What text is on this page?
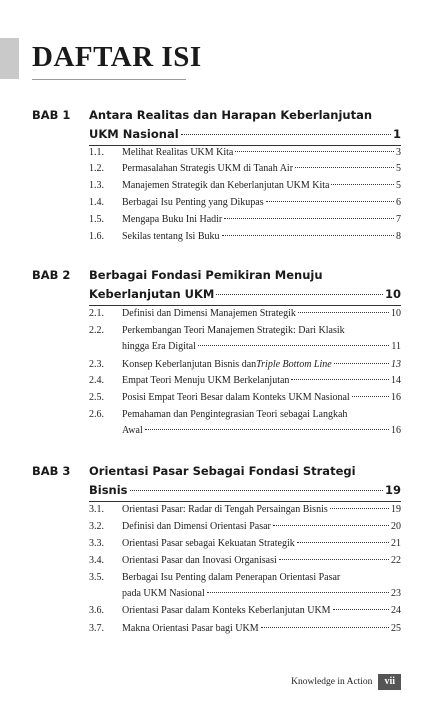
DAFTAR ISI
BAB 1 Antara Realitas dan Harapan Keberlanjutan
UKM Nasional	1
1.1. Melihat Realitas UKM Kita	3
1.2. Permasalahan Strategis UKM di Tanah Air	5
1.3. Manajemen Strategik dan Keberlanjutan UKM Kita	5
1.4. Berbagai Isu Penting yang Dikupas	6
1.5. Mengapa Buku Ini Hadir	7
1.6. Sekilas tentang Isi Buku	8
BAB 2 Berbagai Fondasi Pemikiran Menuju
Keberlanjutan UKM	10
2.1. Definisi dan Dimensi Manajemen Strategik	10
2.2. Perkembangan Teori Manajemen Strategik: Dari Klasik
hingga Era Digital	11
2.3. Konsep Keberlanjutan Bisnis dan Triple Bottom Line	13
2.4. Empat Teori Menuju UKM Berkelanjutan	14
2.5. Posisi Empat Teori Besar dalam Konteks UKM Nasional	16
2.6. Pemahaman dan Pengintegrasian Teori sebagai Langkah
Awal	16
BAB 3 Orientasi Pasar Sebagai Fondasi Strategi
Bisnis	19
3.1. Orientasi Pasar: Radar di Tengah Persaingan Bisnis	19
3.2. Definisi dan Dimensi Orientasi Pasar	20
3.3. Orientasi Pasar sebagai Kekuatan Strategik	21
3.4. Orientasi Pasar dan Inovasi Organisasi	22
3.5. Berbagai Isu Penting dalam Penerapan Orientasi Pasar
pada UKM Nasional	23
3.6. Orientasi Pasar dalam Konteks Keberlanjutan UKM	24
3.7. Makna Orientasi Pasar bagi UKM	25
Knowledge in Action	vii
